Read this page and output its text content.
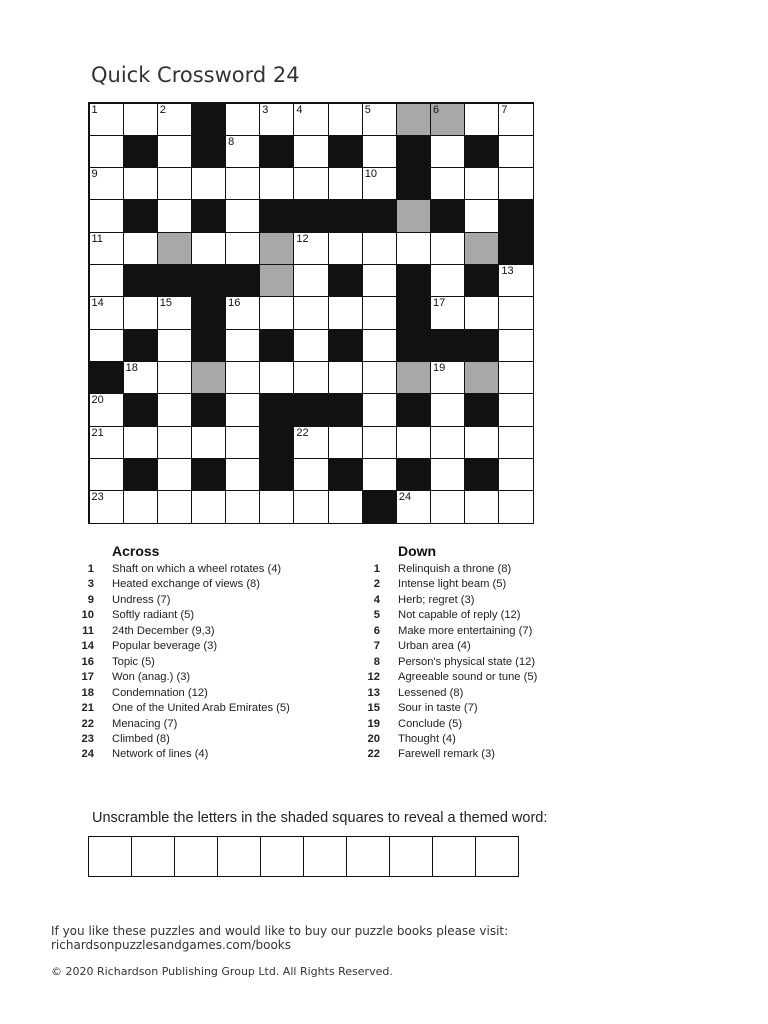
Quick Crossword 24
1	2	3	4	5	6	7
8
9	10
11	12
13
14	15	16	17
18	19
20
21	22
23	24
Across
1 Shaft on which a wheel rotates (4)
3 Heated exchange of views (8)
9 Undress (7)
10 Softly radiant (5)
11 24th December (9,3)
14 Popular beverage (3)
16 Topic (5)
17 Won (anag.) (3)
18 Condemnation (12)
21 One of the United Arab Emirates (5)
22 Menacing (7)
23 Climbed (8)
24 Network of lines (4)
Down
1 Relinquish a throne (8)
2 Intense light beam (5)
4 Herb; regret (3)
5 Not capable of reply (12)
6 Make more entertaining (7)
7 Urban area (4)
8 Person's physical state (12)
12 Agreeable sound or tune (5)
13 Lessened (8)
15 Sour in taste (7)
19 Conclude (5)
20 Thought (4)
22 Farewell remark (3)

Unscramble the letters in the shaded squares to reveal a themed word:

If you like these puzzles and would like to buy our puzzle books please visit:

richardsonpuzzlesandgames.com/books

© 2020 Richardson Publishing Group Ltd. All Rights Reserved.
